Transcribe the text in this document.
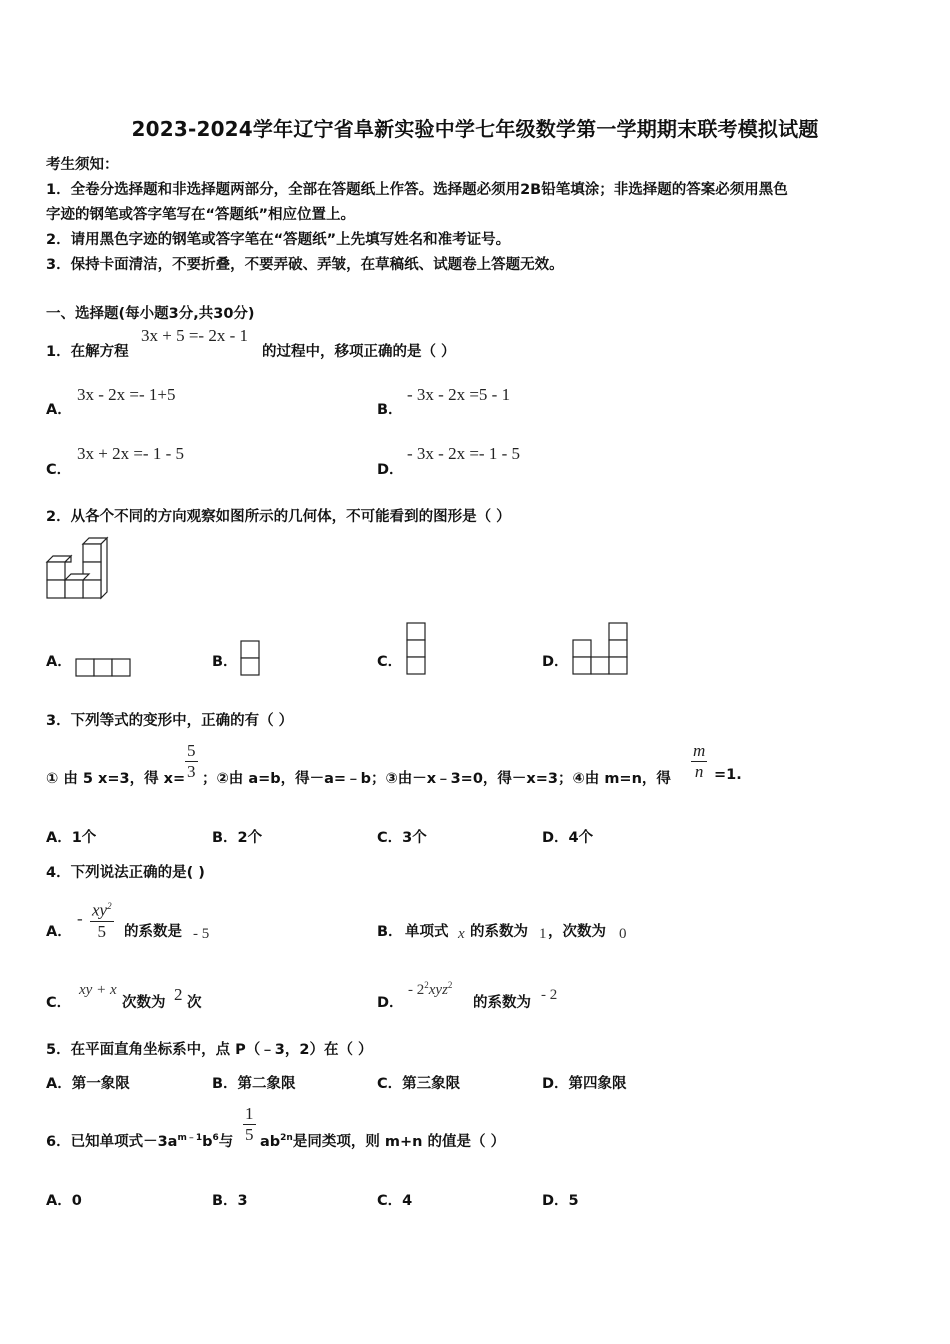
2023-2024学年辽宁省阜新实验中学七年级数学第一学期期末联考模拟试题
考生须知：
1．全卷分选择题和非选择题两部分，全部在答题纸上作答。选择题必须用2B铅笔填涂；非选择题的答案必须用黑色
字迹的钢笔或答字笔写在“答题纸”相应位置上。
2．请用黑色字迹的钢笔或答字笔在“答题纸”上先填写姓名和准考证号。
3．保持卡面清洁，不要折叠，不要弄破、弄皱，在草稿纸、试题卷上答题无效。
一、选择题(每小题3分,共30分)
1．在解方程
3x + 5 =- 2x - 1
的过程中，移项正确的是（ ）
A．
3x - 2x =- 1+5
B．
- 3x - 2x =5 - 1
C．
3x + 2x =- 1 - 5
D．
- 3x - 2x =- 1 - 5
2．从各个不同的方向观察如图所示的几何体，不可能看到的图形是（ ）
A．	B．	C．	D．
3．下列等式的变形中，正确的有（ ）
① 由 5 x=3，得 $x= \frac{5}{3}$ ；②由 a=b，得－a=﹣b；③由－x﹣3=0，得－x=3；④由 m=n，得 $\frac{m}{n} =1$.
A．1个	B．2个	C．3个	D．4个
4．下列说法正确的是( )
A．
- $\frac{xy^2}{5}$ 的系数是 - 5	B． 单项式 x 的系数为 1 ，次数为 0
C．
xy + x
次数为 2 次	D．
- $2^2xyz^2$
的系数为 - 2
5．在平面直角坐标系中，点 P（﹣3，2）在（ ）
A．第一象限	B．第二象限	C．第三象限	D．第四象限
6．已知单项式$-3a^{m﹣1}b^6$与 $\frac{1}{5} ab^{2n}$是同类项，则 m+n 的值是（ ）
A．0	B．3	C．4	D．5
